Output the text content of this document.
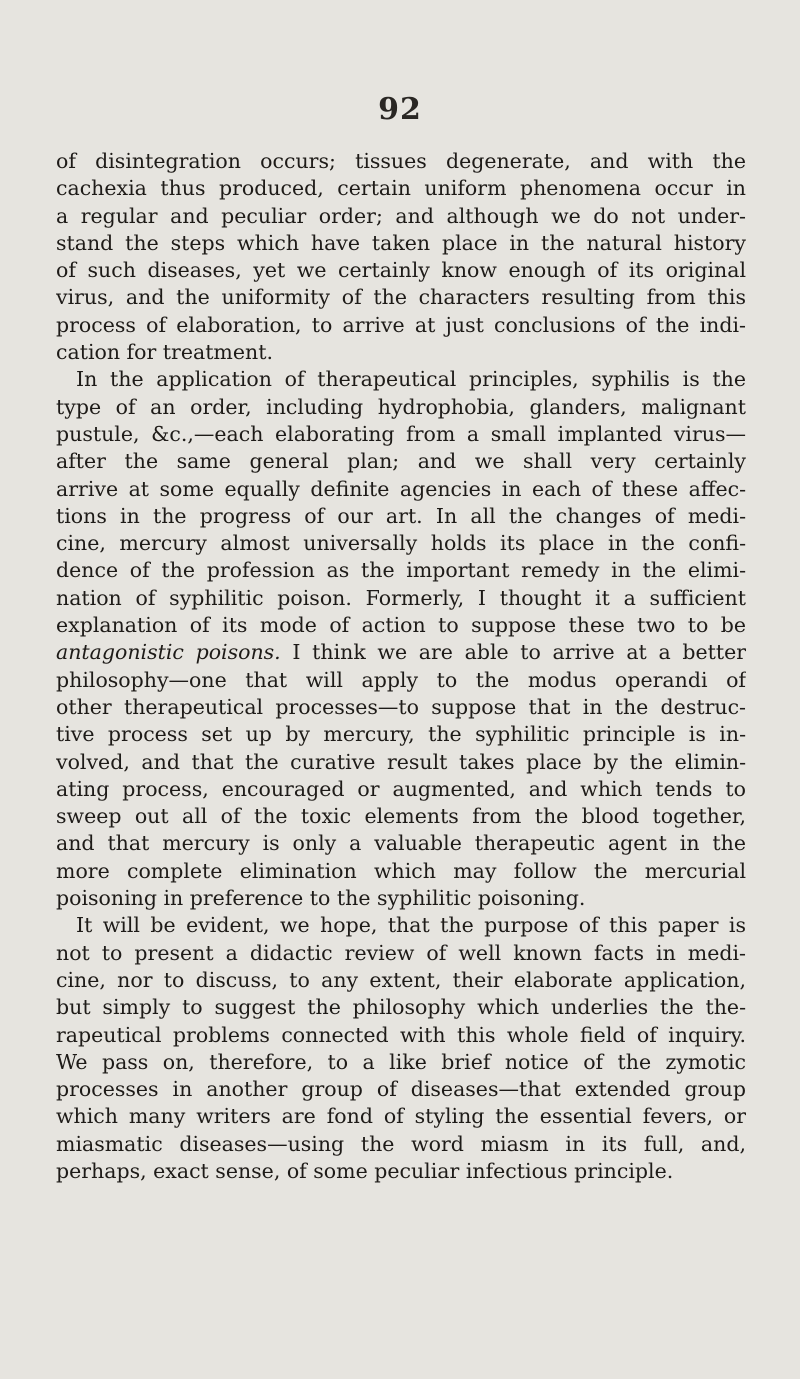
92
of disintegration occurs; tissues degenerate, and with the
cachexia thus produced, certain uniform phenomena occur in
a regular and peculiar order; and although we do not under-
stand the steps which have taken place in the natural history
of such diseases, yet we certainly know enough of its original
virus, and the uniformity of the characters resulting from this
process of elaboration, to arrive at just conclusions of the indi-
cation for treatment.
In the application of therapeutical principles, syphilis is the
type of an order, including hydrophobia, glanders, malignant
pustule, &c.,—each elaborating from a small implanted virus—
after the same general plan; and we shall very certainly
arrive at some equally definite agencies in each of these affec-
tions in the progress of our art. In all the changes of medi-
cine, mercury almost universally holds its place in the confi-
dence of the profession as the important remedy in the elimi-
nation of syphilitic poison. Formerly, I thought it a sufficient
explanation of its mode of action to suppose these two to be
antagonistic poisons. I think we are able to arrive at a better
philosophy—one that will apply to the modus operandi of
other therapeutical processes—to suppose that in the destruc-
tive process set up by mercury, the syphilitic principle is in-
volved, and that the curative result takes place by the elimin-
ating process, encouraged or augmented, and which tends to
sweep out all of the toxic elements from the blood together,
and that mercury is only a valuable therapeutic agent in the
more complete elimination which may follow the mercurial
poisoning in preference to the syphilitic poisoning.
It will be evident, we hope, that the purpose of this paper is
not to present a didactic review of well known facts in medi-
cine, nor to discuss, to any extent, their elaborate application,
but simply to suggest the philosophy which underlies the the-
rapeutical problems connected with this whole field of inquiry.
We pass on, therefore, to a like brief notice of the zymotic
processes in another group of diseases—that extended group
which many writers are fond of styling the essential fevers, or
miasmatic diseases—using the word miasm in its full, and,
perhaps, exact sense, of some peculiar infectious principle.
